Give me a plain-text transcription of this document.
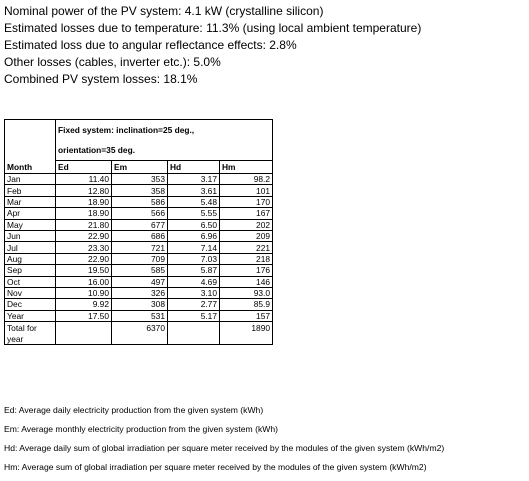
Nominal power of the PV system: 4.1 kW (crystalline silicon)
Estimated losses due to temperature: 11.3% (using local ambient temperature)
Estimated loss due to angular reflectance effects: 2.8%
Other losses (cables, inverter etc.): 5.0%
Combined PV system losses: 18.1%
	Fixed system: inclination=25 deg.,			
	orientation=35 deg.			
Month	Ed	Em	Hd	Hm
Jan	11.40	353	3.17	98.2
Feb	12.80	358	3.61	101
Mar	18.90	586	5.48	170
Apr	18.90	566	5.55	167
May	21.80	677	6.50	202
Jun	22.90	686	6.96	209
Jul	23.30	721	7.14	221
Aug	22.90	709	7.03	218
Sep	19.50	585	5.87	176
Oct	16.00	497	4.69	146
Nov	10.90	326	3.10	93.0
Dec	9.92	308	2.77	85.9
Year	17.50	531	5.17	157
Total for		6370		1890
year				
Ed: Average daily electricity production from the given system (kWh)
Em: Average monthly electricity production from the given system (kWh)
Hd: Average daily sum of global irradiation per square meter received by the modules of the given system (kWh/m2)
Hm: Average sum of global irradiation per square meter received by the modules of the given system (kWh/m2)
